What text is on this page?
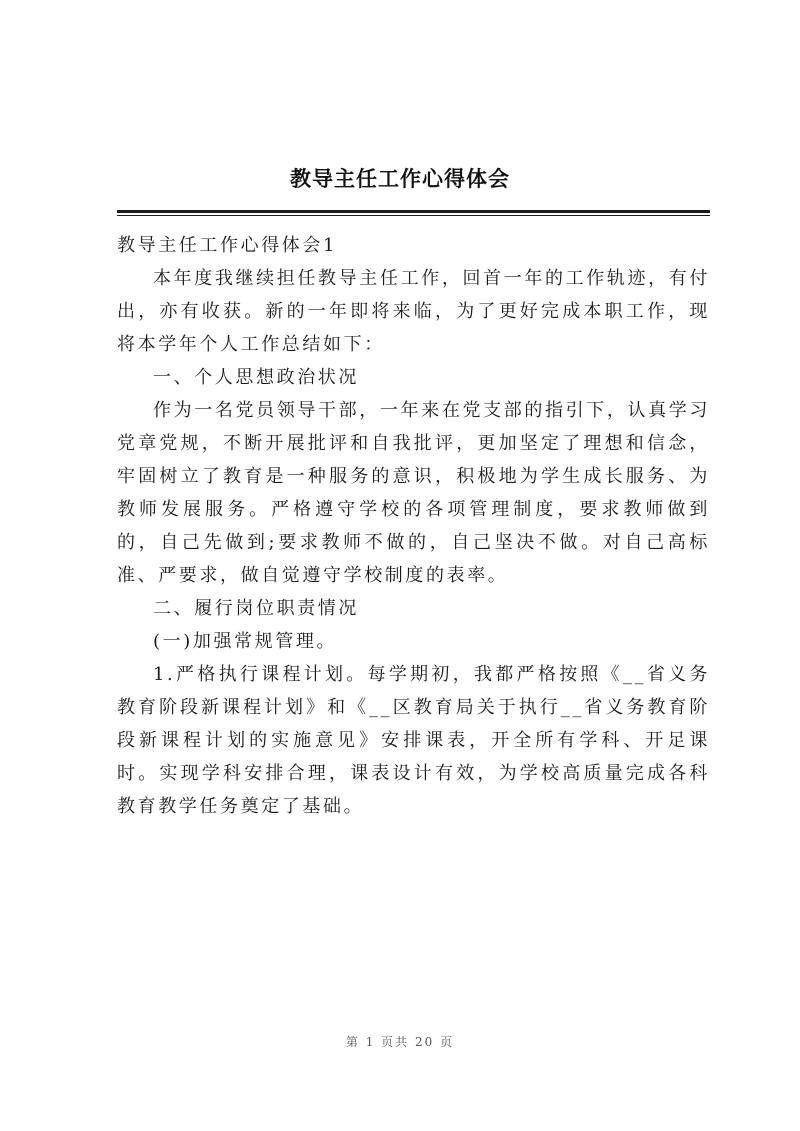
教导主任工作心得体会

教导主任工作心得体会1

本年度我继续担任教导主任工作，回首一年的工作轨迹，有付出，亦有收获。新的一年即将来临，为了更好完成本职工作，现将本学年个人工作总结如下：

一、个人思想政治状况

作为一名党员领导干部，一年来在党支部的指引下，认真学习党章党规，不断开展批评和自我批评，更加坚定了理想和信念，牢固树立了教育是一种服务的意识，积极地为学生成长服务、为教师发展服务。严格遵守学校的各项管理制度，要求教师做到的，自己先做到;要求教师不做的，自己坚决不做。对自己高标准、严要求，做自觉遵守学校制度的表率。

二、履行岗位职责情况

(一)加强常规管理。

1.严格执行课程计划。每学期初，我都严格按照《__省义务教育阶段新课程计划》和《__区教育局关于执行__省义务教育阶段新课程计划的实施意见》安排课表，开全所有学科、开足课时。实现学科安排合理，课表设计有效，为学校高质量完成各科教育教学任务奠定了基础。

第 1 页共 20 页
